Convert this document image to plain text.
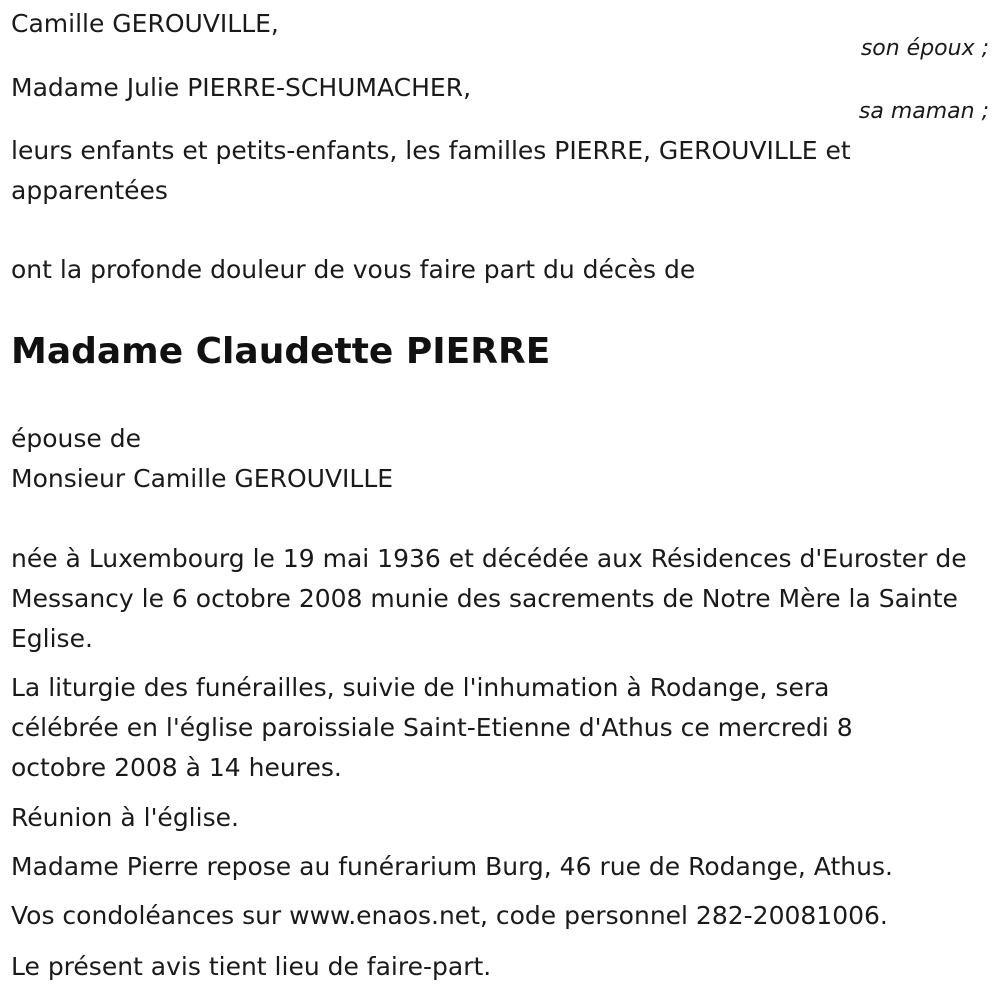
Camille GEROUVILLE,

son époux ;

Madame Julie PIERRE-SCHUMACHER,

sa maman ;

leurs enfants et petits-enfants, les familles PIERRE, GEROUVILLE et apparentées

ont la profonde douleur de vous faire part du décès de

Madame Claudette PIERRE

épouse de

Monsieur Camille GEROUVILLE

née à Luxembourg le 19 mai 1936 et décédée aux Résidences d'Euroster de Messancy le 6 octobre 2008 munie des sacrements de Notre Mère la Sainte Eglise.

La liturgie des funérailles, suivie de l'inhumation à Rodange, sera célébrée en l'église paroissiale Saint-Etienne d'Athus ce mercredi 8 octobre 2008 à 14 heures.

Réunion à l'église.

Madame Pierre repose au funérarium Burg, 46 rue de Rodange, Athus.

Vos condoléances sur www.enaos.net, code personnel 282-20081006.

Le présent avis tient lieu de faire-part.
